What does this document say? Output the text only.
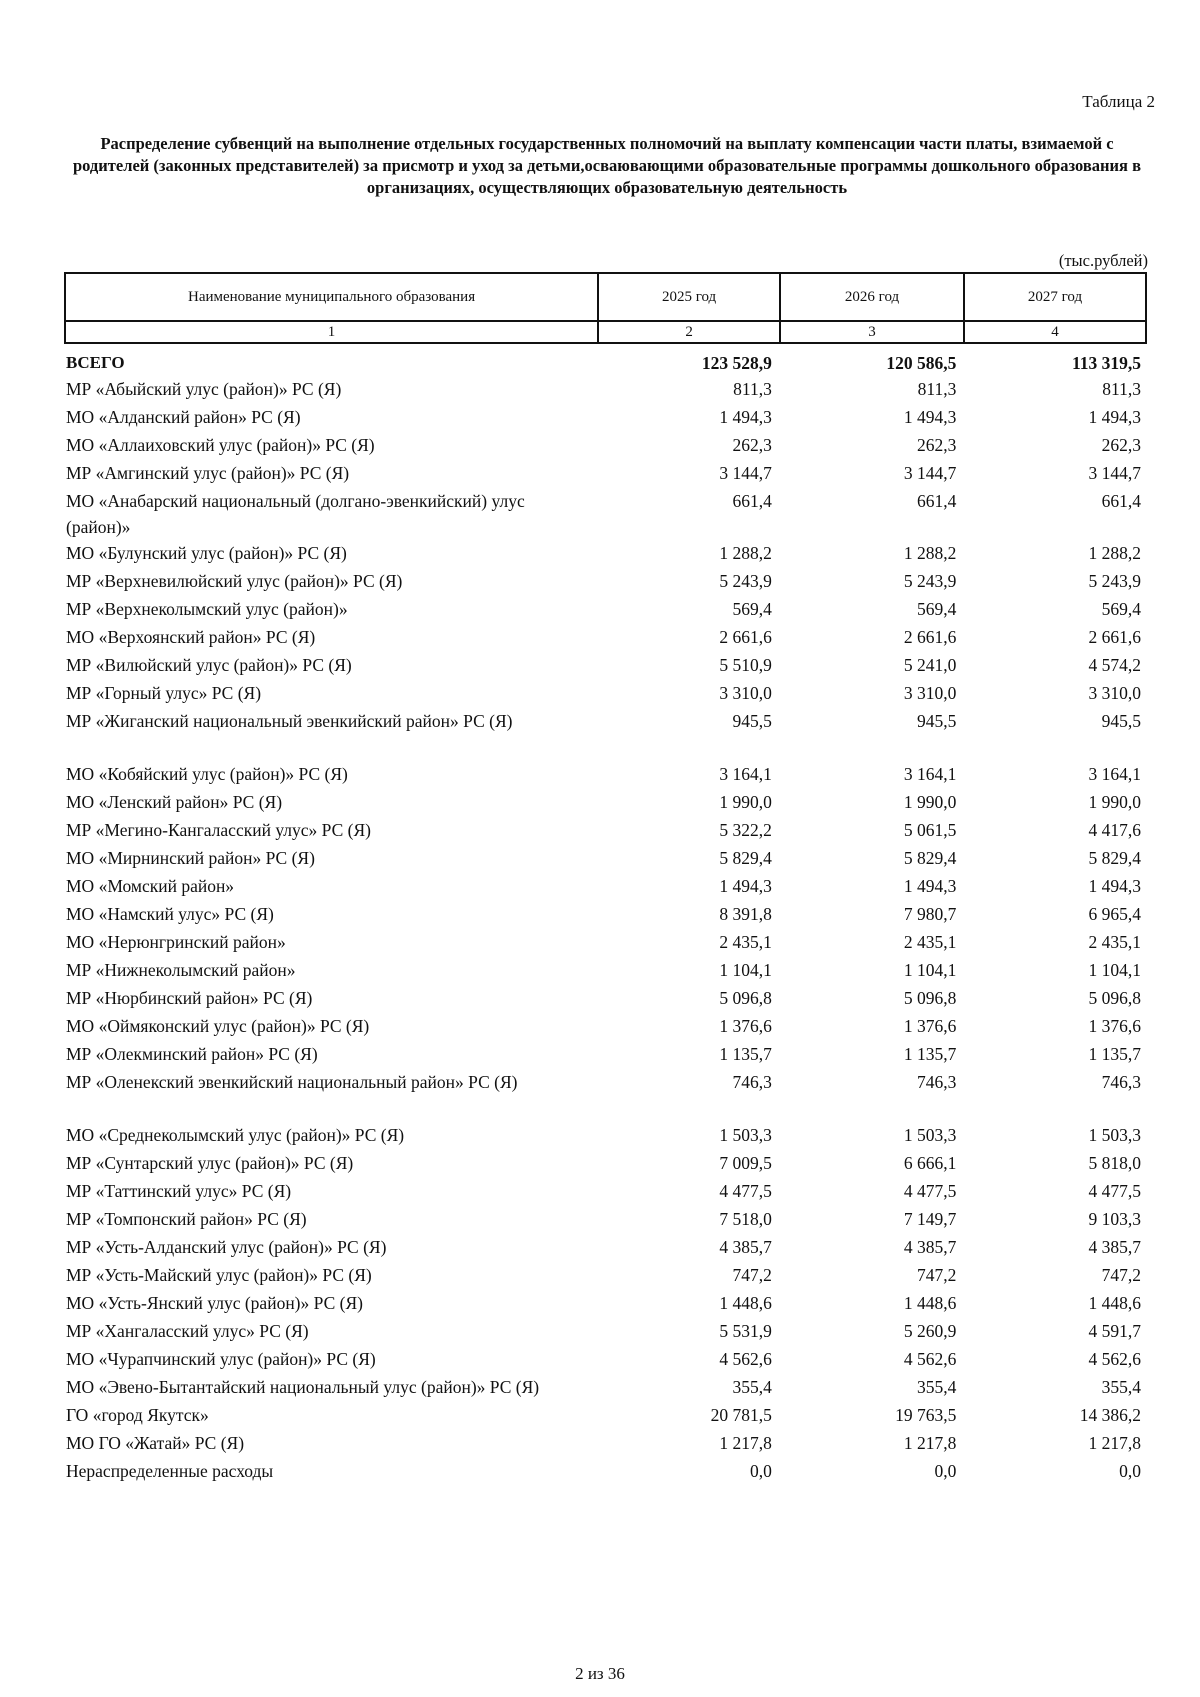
Таблица 2
Распределение субвенций на выполнение отдельных государственных полномочий на выплату компенсации части платы, взимаемой с родителей (законных представителей) за присмотр и уход за детьми,осваювающими образовательные программы дошкольного образования в организациях, осуществляющих образовательную деятельность
(тыс.рублей)
Наименование муниципального образования	2025 год	2026 год	2027 год
1	2	3	4
ВСЕГО	123 528,9	120 586,5	113 319,5
МР «Абыйский улус (район)» РС (Я)	811,3	811,3	811,3
МО «Алданский район» РС (Я)	1 494,3	1 494,3	1 494,3
МО «Аллаиховский улус (район)» РС (Я)	262,3	262,3	262,3
МР «Амгинский улус (район)» РС (Я)	3 144,7	3 144,7	3 144,7
МО «Анабарский национальный (долгано-эвенкийский) улус (район)»	661,4	661,4	661,4
МО «Булунский улус (район)» РС (Я)	1 288,2	1 288,2	1 288,2
МР «Верхневилюйский улус (район)» РС (Я)	5 243,9	5 243,9	5 243,9
МР «Верхнеколымский улус (район)»	569,4	569,4	569,4
МО «Верхоянский район» РС (Я)	2 661,6	2 661,6	2 661,6
МР «Вилюйский улус (район)» РС (Я)	5 510,9	5 241,0	4 574,2
МР «Горный улус» РС (Я)	3 310,0	3 310,0	3 310,0
МР «Жиганский национальный эвенкийский район» РС (Я)	945,5	945,5	945,5
МО «Кобяйский улус (район)» РС (Я)	3 164,1	3 164,1	3 164,1
МО «Ленский район» РС (Я)	1 990,0	1 990,0	1 990,0
МР «Мегино-Кангаласский улус» РС (Я)	5 322,2	5 061,5	4 417,6
МО «Мирнинский район» РС (Я)	5 829,4	5 829,4	5 829,4
МО «Момский район»	1 494,3	1 494,3	1 494,3
МО «Намский улус» РС (Я)	8 391,8	7 980,7	6 965,4
МО «Нерюнгринский район»	2 435,1	2 435,1	2 435,1
МР «Нижнеколымский район»	1 104,1	1 104,1	1 104,1
МР «Нюрбинский район» РС (Я)	5 096,8	5 096,8	5 096,8
МО «Оймяконский улус (район)» РС (Я)	1 376,6	1 376,6	1 376,6
МР «Олекминский район» РС (Я)	1 135,7	1 135,7	1 135,7
МР «Оленекский эвенкийский национальный район» РС (Я)	746,3	746,3	746,3
МО «Среднеколымский улус (район)» РС (Я)	1 503,3	1 503,3	1 503,3
МР «Сунтарский улус (район)» РС (Я)	7 009,5	6 666,1	5 818,0
МР «Таттинский улус» РС (Я)	4 477,5	4 477,5	4 477,5
МР «Томпонский район» РС (Я)	7 518,0	7 149,7	9 103,3
МР «Усть-Алданский улус (район)» РС (Я)	4 385,7	4 385,7	4 385,7
МР «Усть-Майский улус (район)» РС (Я)	747,2	747,2	747,2
МО «Усть-Янский улус (район)» РС (Я)	1 448,6	1 448,6	1 448,6
МР «Хангаласский улус» РС (Я)	5 531,9	5 260,9	4 591,7
МО «Чурапчинский улус (район)» РС (Я)	4 562,6	4 562,6	4 562,6
МО «Эвено-Бытантайский национальный улус (район)» РС (Я)	355,4	355,4	355,4
ГО «город Якутск»	20 781,5	19 763,5	14 386,2
МО ГО «Жатай» РС (Я)	1 217,8	1 217,8	1 217,8
Нераспределенные расходы	0,0	0,0	0,0
2 из 36
